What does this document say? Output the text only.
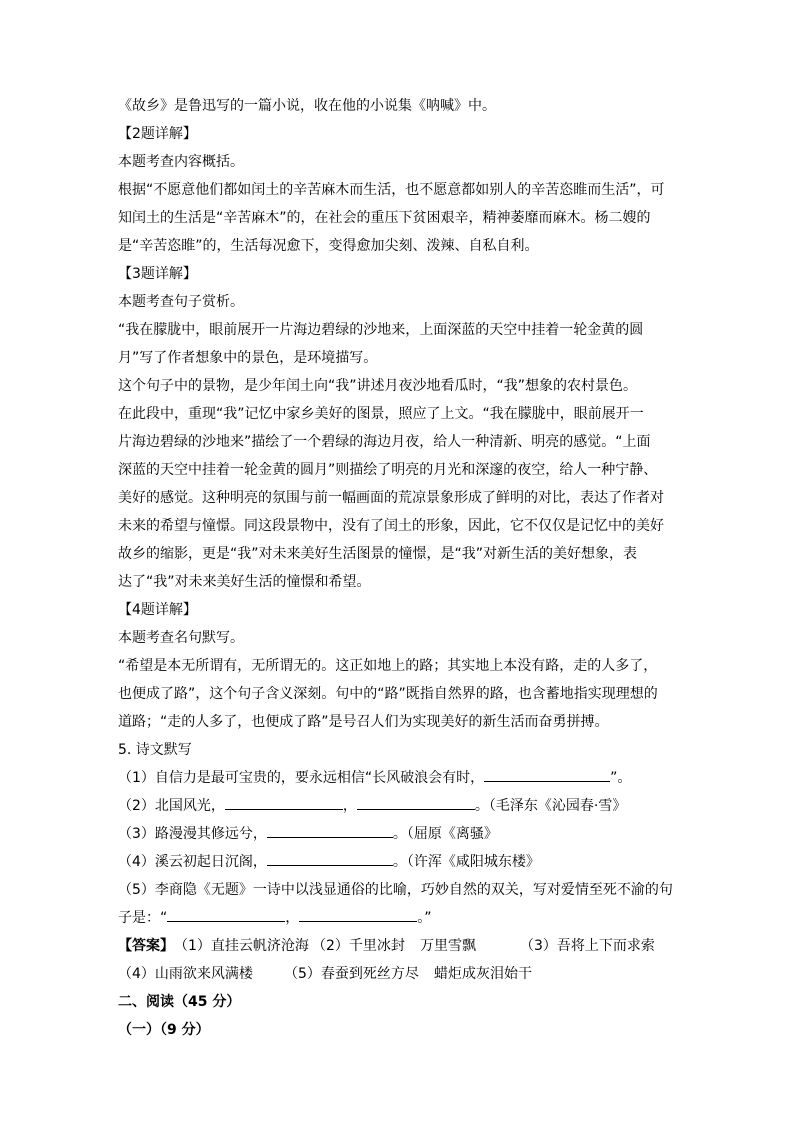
《故乡》是鲁迅写的一篇小说，收在他的小说集《呐喊》中。
【2题详解】
本题考查内容概括。
根据“不愿意他们都如闰土的辛苦麻木而生活，也不愿意都如别人的辛苦恣睢而生活”，可
知闰土的生活是“辛苦麻木”的，在社会的重压下贫困艰辛，精神萎靡而麻木。杨二嫂的
是“辛苦恣睢”的，生活每况愈下，变得愈加尖刻、泼辣、自私自利。
【3题详解】
本题考查句子赏析。
“我在朦胧中，眼前展开一片海边碧绿的沙地来，上面深蓝的天空中挂着一轮金黄的圆
月”写了作者想象中的景色，是环境描写。
这个句子中的景物，是少年闰土向“我”讲述月夜沙地看瓜时，“我”想象的农村景色。
在此段中，重现“我”记忆中家乡美好的图景，照应了上文。“我在朦胧中，眼前展开一
片海边碧绿的沙地来”描绘了一个碧绿的海边月夜，给人一种清新、明亮的感觉。“上面
深蓝的天空中挂着一轮金黄的圆月”则描绘了明亮的月光和深邃的夜空，给人一种宁静、
美好的感觉。这种明亮的氛围与前一幅画面的荒凉景象形成了鲜明的对比，表达了作者对
未来的希望与憧憬。同这段景物中，没有了闰土的形象，因此，它不仅仅是记忆中的美好
故乡的缩影，更是“我”对未来美好生活图景的憧憬，是“我”对新生活的美好想象，表
达了“我”对未来美好生活的憧憬和希望。
【4题详解】
本题考查名句默写。
“希望是本无所谓有，无所谓无的。这正如地上的路；其实地上本没有路，走的人多了，
也便成了路”，这个句子含义深刻。句中的“路”既指自然界的路，也含蓄地指实现理想的
道路；“走的人多了，也便成了路”是号召人们为实现美好的新生活而奋勇拼搏。
5. 诗文默写
（1）自信力是最可宝贵的，要永远相信“长风破浪会有时，	”。
（2）北国风光，	，	。（毛泽东《沁园春·雪》
（3）路漫漫其修远兮，	。（屈原《离骚》
（4）溪云初起日沉阁，	。（许浑《咸阳城东楼》
（5）李商隐《无题》一诗中以浅显通俗的比喻，巧妙自然的双关，写对爱情至死不渝的句
子是：“	，	。”
【答案】（1）直挂云帆济沧海 （2）千里冰封 万里雪飘	（3）吾将上下而求索
（4）山雨欲来风满楼 （5）春蚕到死丝方尽 蜡炬成灰泪始干
二、阅读（45 分）
（一）（9 分）
